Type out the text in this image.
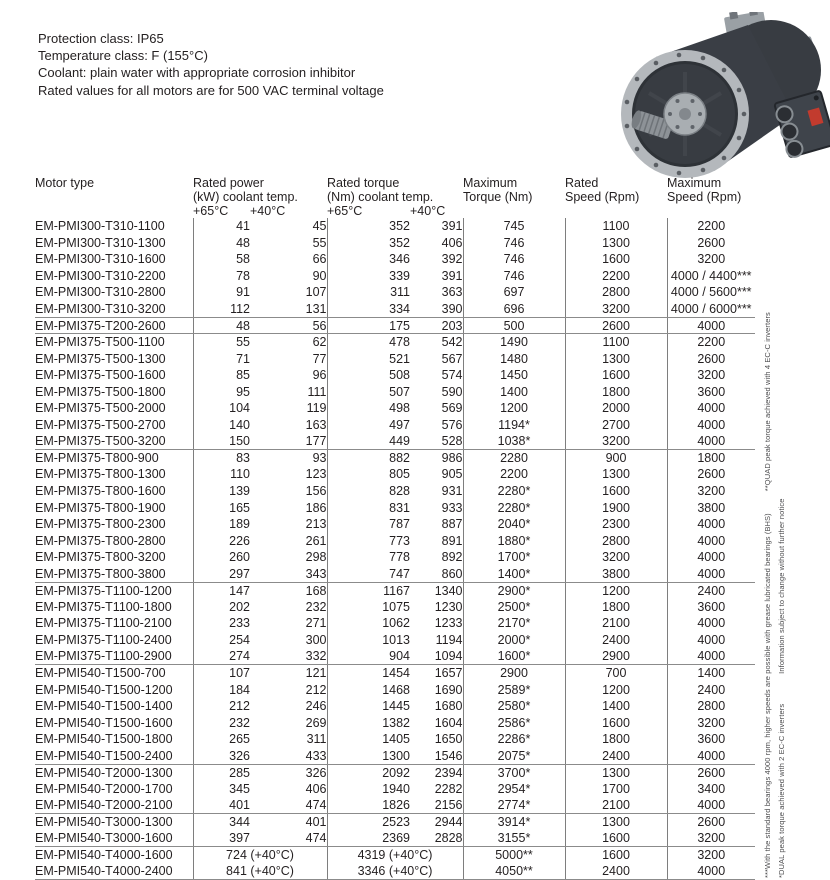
Protection class: IP65
Temperature class: F (155°C)
Coolant: plain water with appropriate corrosion inhibitor
Rated values for all motors are for 500 VAC terminal voltage
Motor type	Rated power		Rated torque		Maximum	Rated	Maximum
	(kW) coolant temp.		(Nm) coolant temp.		Torque (Nm)	Speed (Rpm)	Speed (Rpm)
	+65°C	+40°C	+65°C	+40°C			
EM-PMI300-T310-1100	41	45	352	391	745	1100	2200
EM-PMI300-T310-1300	48	55	352	406	746	1300	2600
EM-PMI300-T310-1600	58	66	346	392	746	1600	3200
EM-PMI300-T310-2200	78	90	339	391	746	2200	4000 / 4400***
EM-PMI300-T310-2800	91	107	311	363	697	2800	4000 / 5600***
EM-PMI300-T310-3200	112	131	334	390	696	3200	4000 / 6000***
EM-PMI375-T200-2600	48	56	175	203	500	2600	4000
EM-PMI375-T500-1100	55	62	478	542	1490	1100	2200
EM-PMI375-T500-1300	71	77	521	567	1480	1300	2600
EM-PMI375-T500-1600	85	96	508	574	1450	1600	3200
EM-PMI375-T500-1800	95	111	507	590	1400	1800	3600
EM-PMI375-T500-2000	104	119	498	569	1200	2000	4000
EM-PMI375-T500-2700	140	163	497	576	1194*	2700	4000
EM-PMI375-T500-3200	150	177	449	528	1038*	3200	4000
EM-PMI375-T800-900	83	93	882	986	2280	900	1800
EM-PMI375-T800-1300	110	123	805	905	2200	1300	2600
EM-PMI375-T800-1600	139	156	828	931	2280*	1600	3200
EM-PMI375-T800-1900	165	186	831	933	2280*	1900	3800
EM-PMI375-T800-2300	189	213	787	887	2040*	2300	4000
EM-PMI375-T800-2800	226	261	773	891	1880*	2800	4000
EM-PMI375-T800-3200	260	298	778	892	1700*	3200	4000
EM-PMI375-T800-3800	297	343	747	860	1400*	3800	4000
EM-PMI375-T1100-1200	147	168	1167	1340	2900*	1200	2400
EM-PMI375-T1100-1800	202	232	1075	1230	2500*	1800	3600
EM-PMI375-T1100-2100	233	271	1062	1233	2170*	2100	4000
EM-PMI375-T1100-2400	254	300	1013	1194	2000*	2400	4000
EM-PMI375-T1100-2900	274	332	904	1094	1600*	2900	4000
EM-PMI540-T1500-700	107	121	1454	1657	2900	700	1400
EM-PMI540-T1500-1200	184	212	1468	1690	2589*	1200	2400
EM-PMI540-T1500-1400	212	246	1445	1680	2580*	1400	2800
EM-PMI540-T1500-1600	232	269	1382	1604	2586*	1600	3200
EM-PMI540-T1500-1800	265	311	1405	1650	2286*	1800	3600
EM-PMI540-T1500-2400	326	433	1300	1546	2075*	2400	4000
EM-PMI540-T2000-1300	285	326	2092	2394	3700*	1300	2600
EM-PMI540-T2000-1700	345	406	1940	2282	2954*	1700	3400
EM-PMI540-T2000-2100	401	474	1826	2156	2774*	2100	4000
EM-PMI540-T3000-1300	344	401	2523	2944	3914*	1300	2600
EM-PMI540-T3000-1600	397	474	2369	2828	3155*	1600	3200
EM-PMI540-T4000-1600	724 (+40°C)		4319 (+40°C)		5000**	1600	3200
EM-PMI540-T4000-2400	841 (+40°C)		3346 (+40°C)		4050**	2400	4000	***With the standard bearings 4000 rpm, higher speeds are possible with grease lubricated bearings (BHS)**QUAD peak torque achieved with 4 EC-C inverters
*DUAL peak torque achieved with 2 EC-C invertersInformation subject to change without further notice
